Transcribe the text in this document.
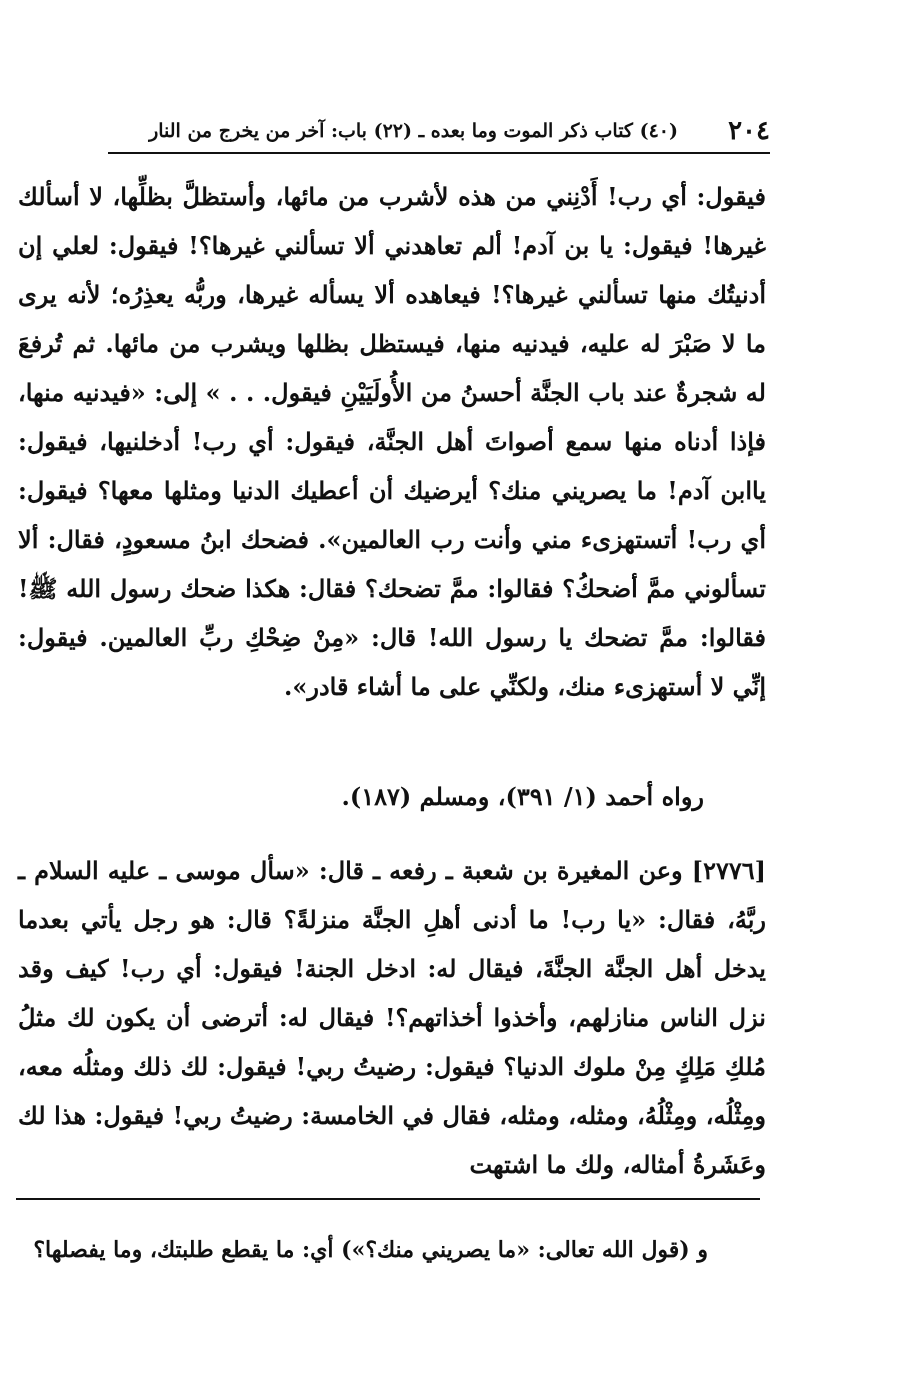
٢٠٤
(٤٠) كتاب ذكر الموت وما بعده ـ (٢٢) باب: آخر من يخرج من النار
فيقول: أي رب! أَدْنِني من هذه لأشرب من مائها، وأستظلَّ بظلِّها، لا أسألك غيرها! فيقول: يا بن آدم! ألم تعاهدني ألا تسألني غيرها؟! فيقول: لعلي إن أدنيتُك منها تسألني غيرها؟! فيعاهده ألا يسأله غيرها، وربُّه يعذِرُه؛ لأنه يرى ما لا صَبْرَ له عليه، فيدنيه منها، فيستظل بظلها ويشرب من مائها. ثم تُرفعَ له شجرةٌ عند باب الجنَّة أحسنُ من الأُولَيَيْنِ فيقول. . . » إلى: «فيدنيه منها، فإذا أدناه منها سمع أصواتَ أهل الجنَّة، فيقول: أي رب! أدخلنيها، فيقول: ياابن آدم! ما يصريني منك؟ أيرضيك أن أعطيك الدنيا ومثلها معها؟ فيقول: أي رب! أتستهزىء مني وأنت رب العالمين». فضحك ابنُ مسعودٍ، فقال: ألا تسألوني ممَّ أضحكُ؟ فقالوا: ممَّ تضحك؟ فقال: هكذا ضحك رسول الله ﷺ! فقالوا: ممَّ تضحك يا رسول الله! قال: «مِنْ ضِحْكِ ربِّ العالمين. فيقول: إنِّي لا أستهزىء منك، ولكنِّي على ما أشاء قادر».
رواه أحمد (١/ ٣٩١)، ومسلم (١٨٧).
[٢٧٧٦] وعن المغيرة بن شعبة ـ رفعه ـ قال: «سأل موسى ـ عليه السلام ـ ربَّهُ، فقال: «يا رب! ما أدنى أهلِ الجنَّة منزلةً؟ قال: هو رجل يأتي بعدما يدخل أهل الجنَّة الجنَّةَ، فيقال له: ادخل الجنة! فيقول: أي رب! كيف وقد نزل الناس منازلهم، وأخذوا أخذاتهم؟! فيقال له: أترضى أن يكون لك مثلُ مُلكِ مَلِكٍ مِنْ ملوك الدنيا؟ فيقول: رضيتُ ربي! فيقول: لك ذلك ومثلُه معه، ومِثْلُه، ومِثْلُهُ، ومثله، ومثله، فقال في الخامسة: رضيتُ ربي! فيقول: هذا لك وعَشَرةُ أمثاله، ولك ما اشتهت
و (قول الله تعالى: «ما يصريني منك؟») أي: ما يقطع طلبتك، وما يفصلها؟
